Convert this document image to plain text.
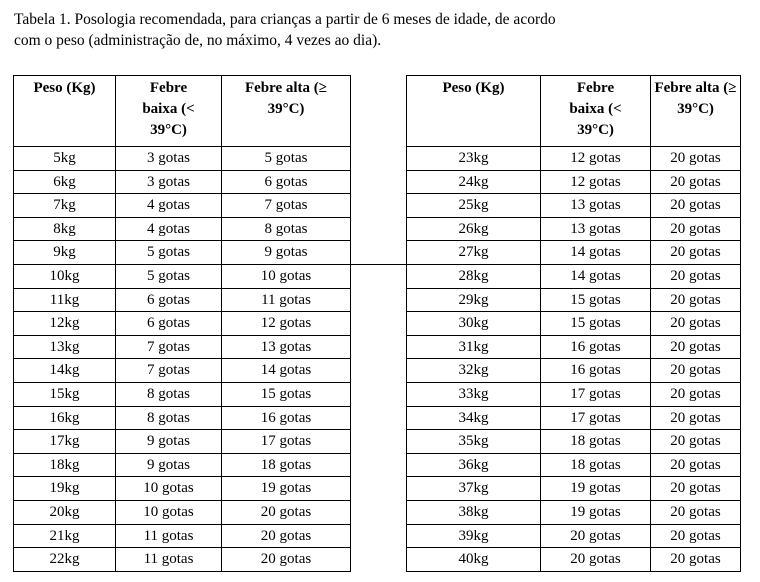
Tabela 1. Posologia recomendada, para crianças a partir de 6 meses de idade, de acordo
com o peso (administração de, no máximo, 4 vezes ao dia).
Peso (Kg)	Febre baixa (< 39°C)	Febre alta (≥ 39°C)

5kg	3 gotas	5 gotas
6kg	3 gotas	6 gotas
7kg	4 gotas	7 gotas
8kg	4 gotas	8 gotas
9kg	5 gotas	9 gotas
10kg	5 gotas	10 gotas
11kg	6 gotas	11 gotas
12kg	6 gotas	12 gotas
13kg	7 gotas	13 gotas
14kg	7 gotas	14 gotas
15kg	8 gotas	15 gotas
16kg	8 gotas	16 gotas
17kg	9 gotas	17 gotas
18kg	9 gotas	18 gotas
19kg	10 gotas	19 gotas
20kg	10 gotas	20 gotas
21kg	11 gotas	20 gotas
22kg	11 gotas	20 gotas
Peso (Kg)	Febre baixa (< 39°C)	Febre alta (≥ 39°C)

23kg	12 gotas	20 gotas
24kg	12 gotas	20 gotas
25kg	13 gotas	20 gotas
26kg	13 gotas	20 gotas
27kg	14 gotas	20 gotas
28kg	14 gotas	20 gotas
29kg	15 gotas	20 gotas
30kg	15 gotas	20 gotas
31kg	16 gotas	20 gotas
32kg	16 gotas	20 gotas
33kg	17 gotas	20 gotas
34kg	17 gotas	20 gotas
35kg	18 gotas	20 gotas
36kg	18 gotas	20 gotas
37kg	19 gotas	20 gotas
38kg	19 gotas	20 gotas
39kg	20 gotas	20 gotas
40kg	20 gotas	20 gotas
